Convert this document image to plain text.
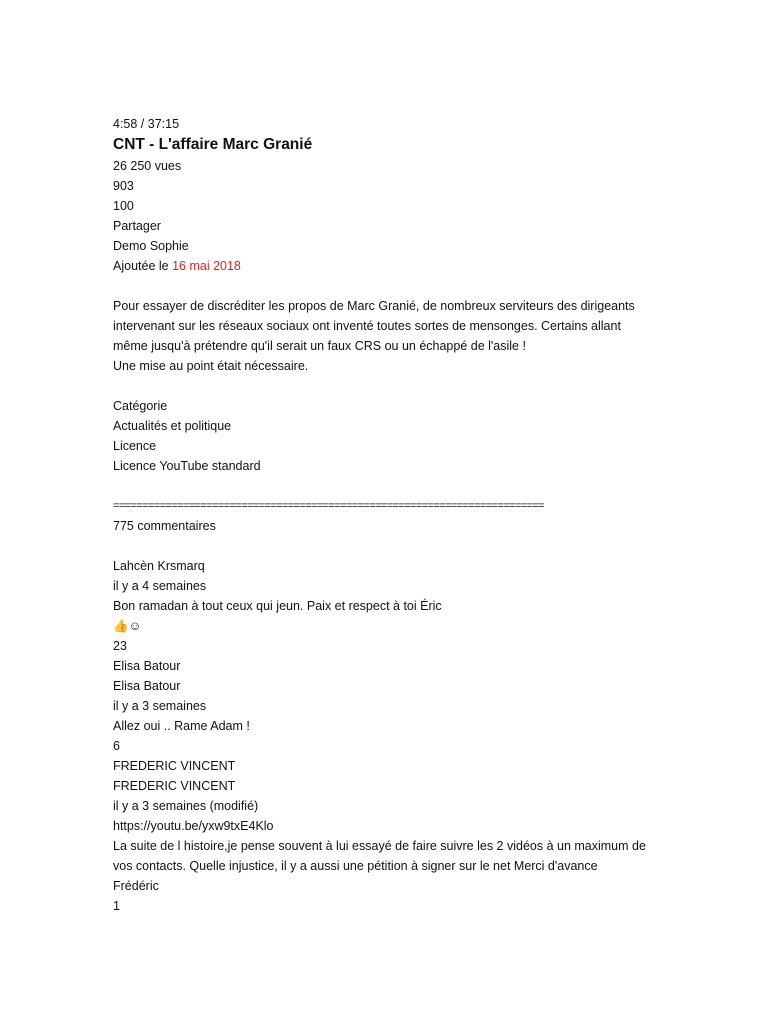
4:58 / 37:15
CNT - L'affaire Marc Granié
26 250 vues
903
100
Partager
Demo Sophie
Ajoutée le 16 mai 2018
Pour essayer de discréditer les propos de Marc Granié, de nombreux serviteurs des dirigeants
intervenant sur les réseaux sociaux ont inventé toutes sortes de mensonges. Certains allant
même jusqu'à prétendre qu'il serait un faux CRS ou un échappé de l'asile !
Une mise au point était nécessaire.
Catégorie
Actualités et politique
Licence
Licence YouTube standard
==========================================================================
775 commentaires
Lahcèn Krsmarq
il y a 4 semaines
Bon ramadan à tout ceux qui jeun. Paix et respect à toi Éric
👍☺
23
Elisa Batour
Elisa Batour
il y a 3 semaines
Allez oui .. Rame Adam !
6
FREDERIC VINCENT
FREDERIC VINCENT
il y a 3 semaines (modifié)
https://youtu.be/yxw9txE4Klo
La suite de l histoire,je pense souvent à lui essayé de faire suivre les 2 vidéos à un maximum de
vos contacts. Quelle injustice, il y a aussi une pétition à signer sur le net Merci d'avance
Frédéric
1
